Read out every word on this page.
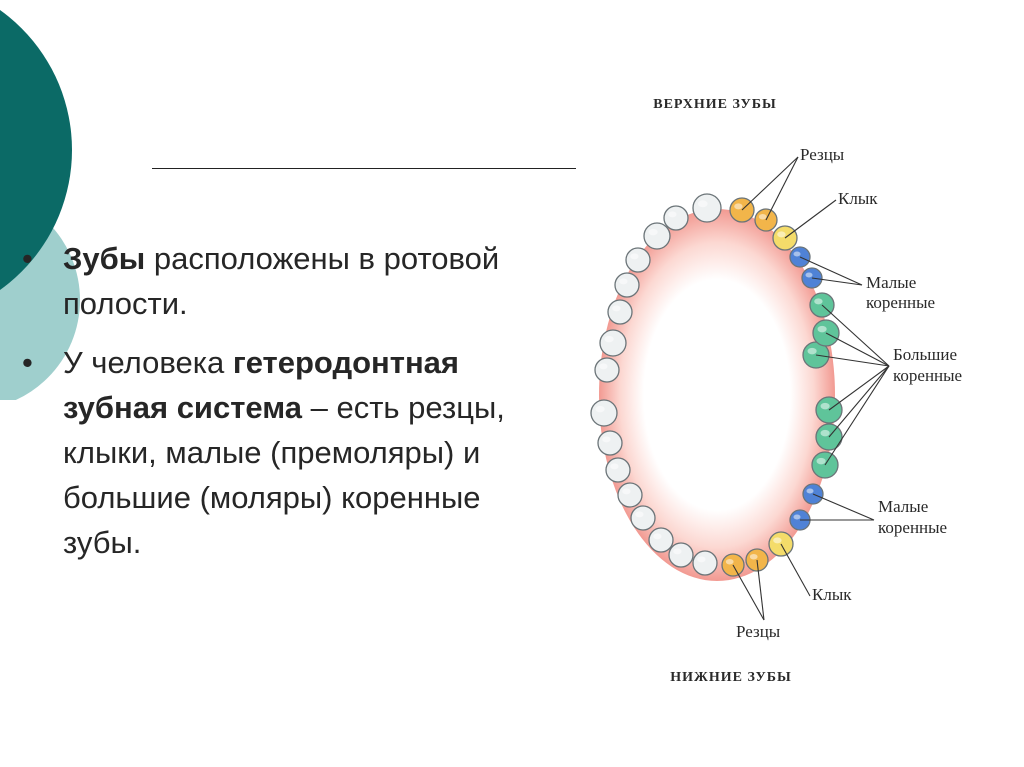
• Зубы расположены в ротовой полости.
• У человека гетеродонтная зубная система – есть резцы, клыки, малые (премоляры) и большие (моляры) коренные зубы.
ВЕРХНИЕ ЗУБЫ
НИЖНИЕ ЗУБЫ
Резцы
Клык
Малые
коренные
Большие
коренные
Малые
коренные
Клык
Резцы
